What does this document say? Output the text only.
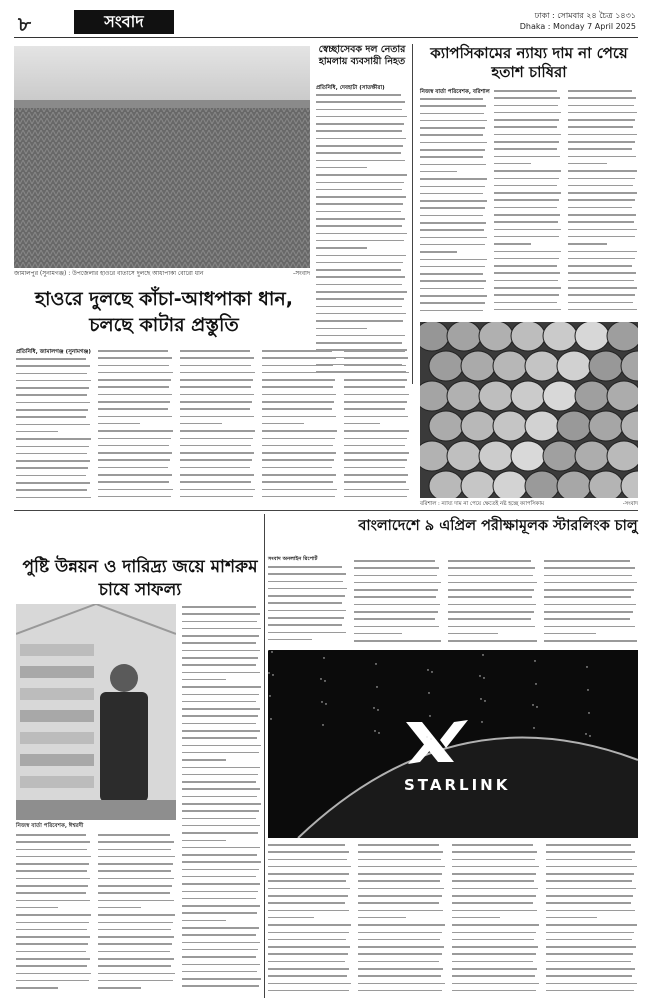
৮	সংবাদ	ঢাকা : সোমবার ২৪ চৈত্র ১৪৩১
Dhaka : Monday 7 April 2025
জামালপুর (সুনামগঞ্জ) : উপজেলার হাওরে বাতাসে দুলছে আধাপাকা বোরো ধান	-সংবাদ
স্বেচ্ছাসেবক দল নেতার হামলায় ব্যবসায়ী নিহত
প্রতিনিধি, দেবহাটা (সাতক্ষীরা)
ক্যাপসিকামের ন্যায্য দাম না পেয়ে হতাশ চাষিরা
নিজস্ব বার্তা পরিবেশক, বরিশাল
হাওরে দুলছে কাঁচা-আধপাকা ধান, চলছে কাটার প্রস্তুতি
প্রতিনিধি, জামালগঞ্জ (সুনামগঞ্জ)
বরিশাল : ন্যায্য দাম না পেয়ে ক্ষেতেই নষ্ট হচ্ছে ক্যাপসিকাম	-সংবাদ
বাংলাদেশে ৯ এপ্রিল পরীক্ষামূলক স্টারলিংক চালু
পুষ্টি উন্নয়ন ও দারিদ্র্য জয়ে মাশরুম চাষে সাফল্য
সংবাদ অনলাইন রিপোর্ট
নিজস্ব বার্তা পরিবেশক, ঈশ্বরদী
STARLINK
